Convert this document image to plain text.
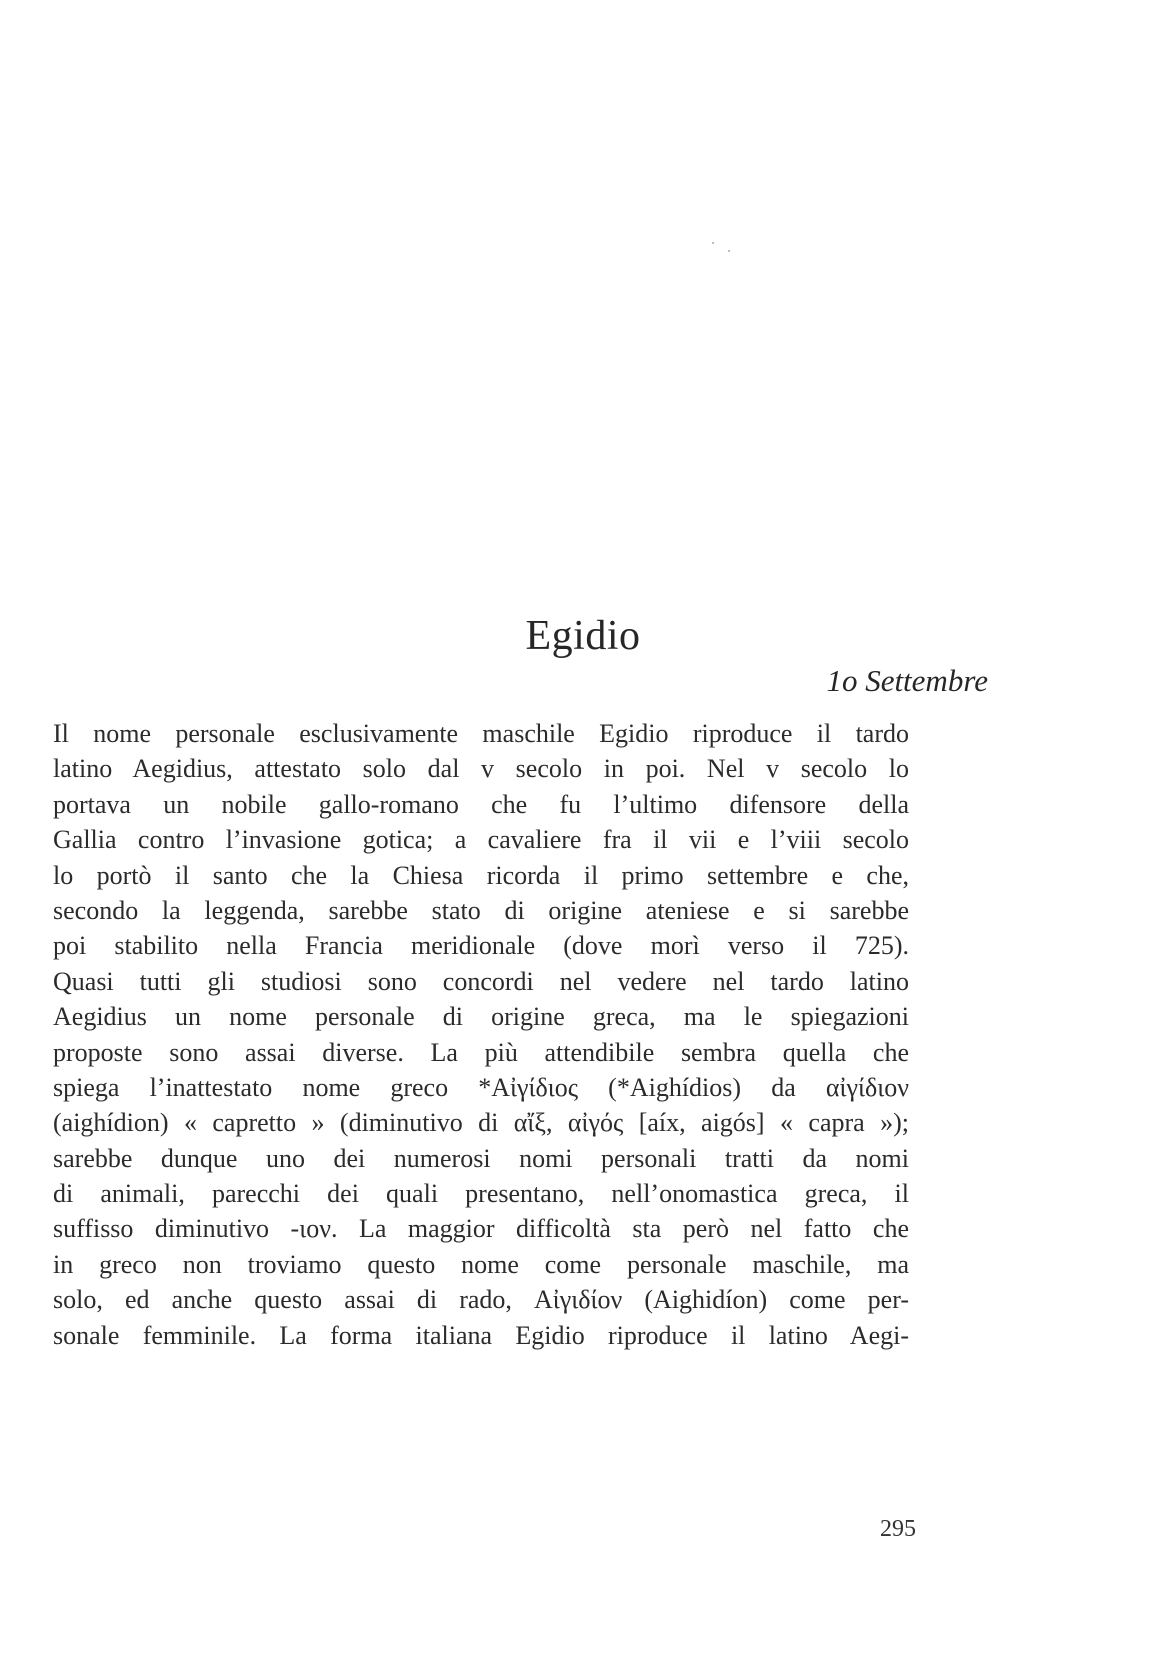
Egidio
1o Settembre
Il nome personale esclusivamente maschile Egidio riproduce il tardo
latino Aegidius, attestato solo dal v secolo in poi. Nel v secolo lo
portava un nobile gallo-romano che fu l’ultimo difensore della
Gallia contro l’invasione gotica; a cavaliere fra il vii e l’viii secolo
lo portò il santo che la Chiesa ricorda il primo settembre e che,
secondo la leggenda, sarebbe stato di origine ateniese e si sarebbe
poi stabilito nella Francia meridionale (dove morì verso il 725).
Quasi tutti gli studiosi sono concordi nel vedere nel tardo latino
Aegidius un nome personale di origine greca, ma le spiegazioni
proposte sono assai diverse. La più attendibile sembra quella che
spiega l’inattestato nome greco *Αἰγίδιος (*Aighídios) da αἰγίδιον
(aighídion) « capretto » (diminutivo di αἴξ, αἰγός [aíx, aigós] « capra »);
sarebbe dunque uno dei numerosi nomi personali tratti da nomi
di animali, parecchi dei quali presentano, nell’onomastica greca, il
suffisso diminutivo -ιον. La maggior difficoltà sta però nel fatto che
in greco non troviamo questo nome come personale maschile, ma
solo, ed anche questo assai di rado, Αἰγιδίον (Aighidíon) come per-
sonale femminile. La forma italiana Egidio riproduce il latino Aegi-
295
